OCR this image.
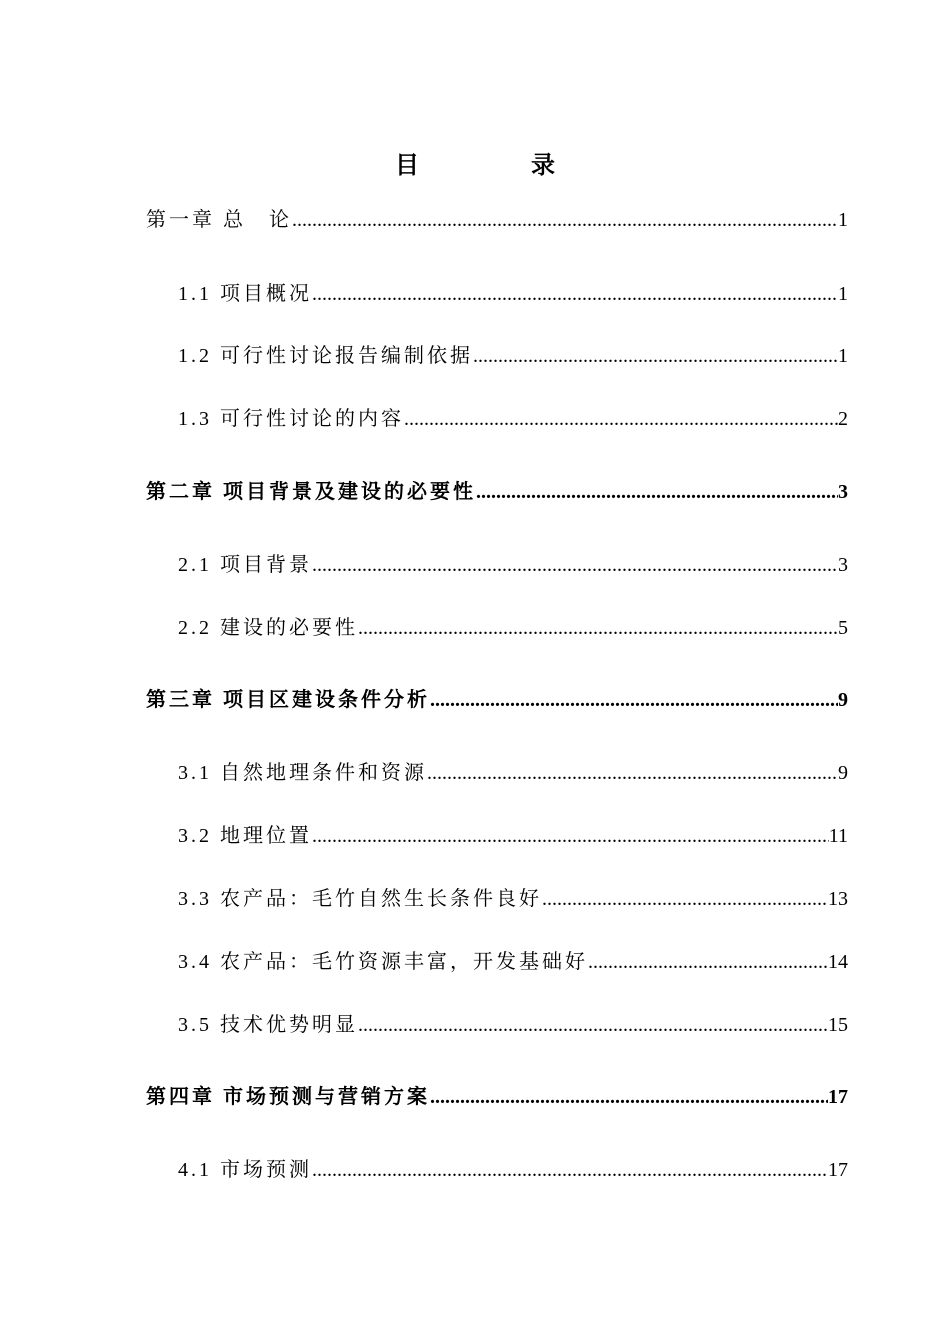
目　录
第一章 总　论 .....	1
1.1 项目概况 .....	1
1.2 可行性讨论报告编制依据 .....	1
1.3 可行性讨论的内容 .....	2
第二章 项目背景及建设的必要性 .....	3
2.1 项目背景 .....	3
2.2 建设的必要性 .....	5
第三章 项目区建设条件分析 .....	9
3.1 自然地理条件和资源 .....	9
3.2 地理位置 .....	11
3.3 农产品：毛竹自然生长条件良好 .....	13
3.4 农产品：毛竹资源丰富，开发基础好 .....	14
3.5 技术优势明显 .....	15
第四章 市场预测与营销方案 .....	17
4.1 市场预测 .....	17
